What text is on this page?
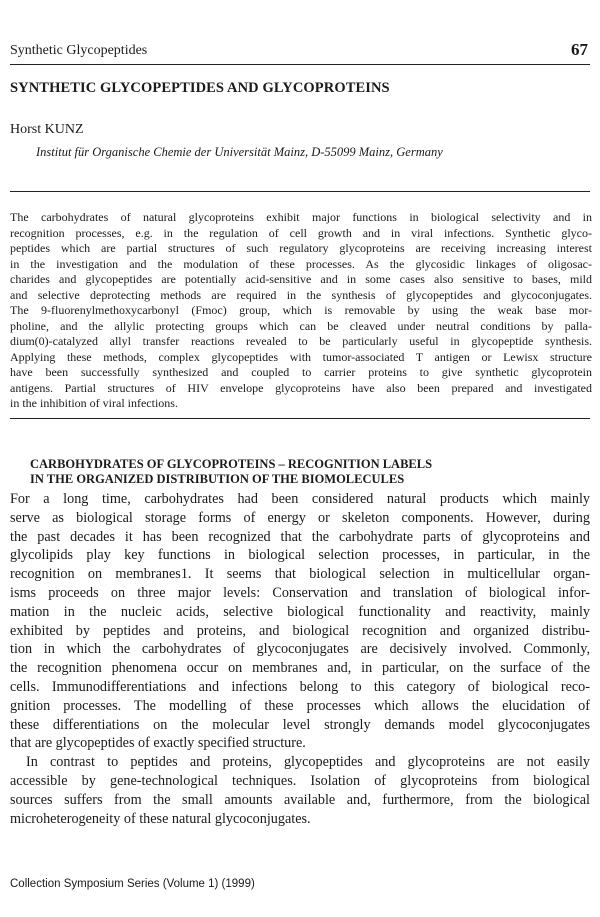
Synthetic Glycopeptides	67
SYNTHETIC GLYCOPEPTIDES AND GLYCOPROTEINS
Horst KUNZ
Institut für Organische Chemie der Universität Mainz, D-55099 Mainz, Germany
The carbohydrates of natural glycoproteins exhibit major functions in biological selectivity and in
recognition processes, e.g. in the regulation of cell growth and in viral infections. Synthetic glyco-
peptides which are partial structures of such regulatory glycoproteins are receiving increasing interest
in the investigation and the modulation of these processes. As the glycosidic linkages of oligosac-
charides and glycopeptides are potentially acid-sensitive and in some cases also sensitive to bases, mild
and selective deprotecting methods are required in the synthesis of glycopeptides and glycoconjugates.
The 9-fluorenylmethoxycarbonyl (Fmoc) group, which is removable by using the weak base mor-
pholine, and the allylic protecting groups which can be cleaved under neutral conditions by palla-
dium(0)-catalyzed allyl transfer reactions revealed to be particularly useful in glycopeptide synthesis.
Applying these methods, complex glycopeptides with tumor-associated T antigen or Lewisx structure
have been successfully synthesized and coupled to carrier proteins to give synthetic glycoprotein
antigens. Partial structures of HIV envelope glycoproteins have also been prepared and investigated
in the inhibition of viral infections.
CARBOHYDRATES OF GLYCOPROTEINS – RECOGNITION LABELS
IN THE ORGANIZED DISTRIBUTION OF THE BIOMOLECULES
For a long time, carbohydrates had been considered natural products which mainly
serve as biological storage forms of energy or skeleton components. However, during
the past decades it has been recognized that the carbohydrate parts of glycoproteins and
glycolipids play key functions in biological selection processes, in particular, in the
recognition on membranes1. It seems that biological selection in multicellular organ-
isms proceeds on three major levels: Conservation and translation of biological infor-
mation in the nucleic acids, selective biological functionality and reactivity, mainly
exhibited by peptides and proteins, and biological recognition and organized distribu-
tion in which the carbohydrates of glycoconjugates are decisively involved. Commonly,
the recognition phenomena occur on membranes and, in particular, on the surface of the
cells. Immunodifferentiations and infections belong to this category of biological reco-
gnition processes. The modelling of these processes which allows the elucidation of
these differentiations on the molecular level strongly demands model glycoconjugates
that are glycopeptides of exactly specified structure.
In contrast to peptides and proteins, glycopeptides and glycoproteins are not easily
accessible by gene-technological techniques. Isolation of glycoproteins from biological
sources suffers from the small amounts available and, furthermore, from the biological
microheterogeneity of these natural glycoconjugates.
Collection Symposium Series (Volume 1) (1999)
